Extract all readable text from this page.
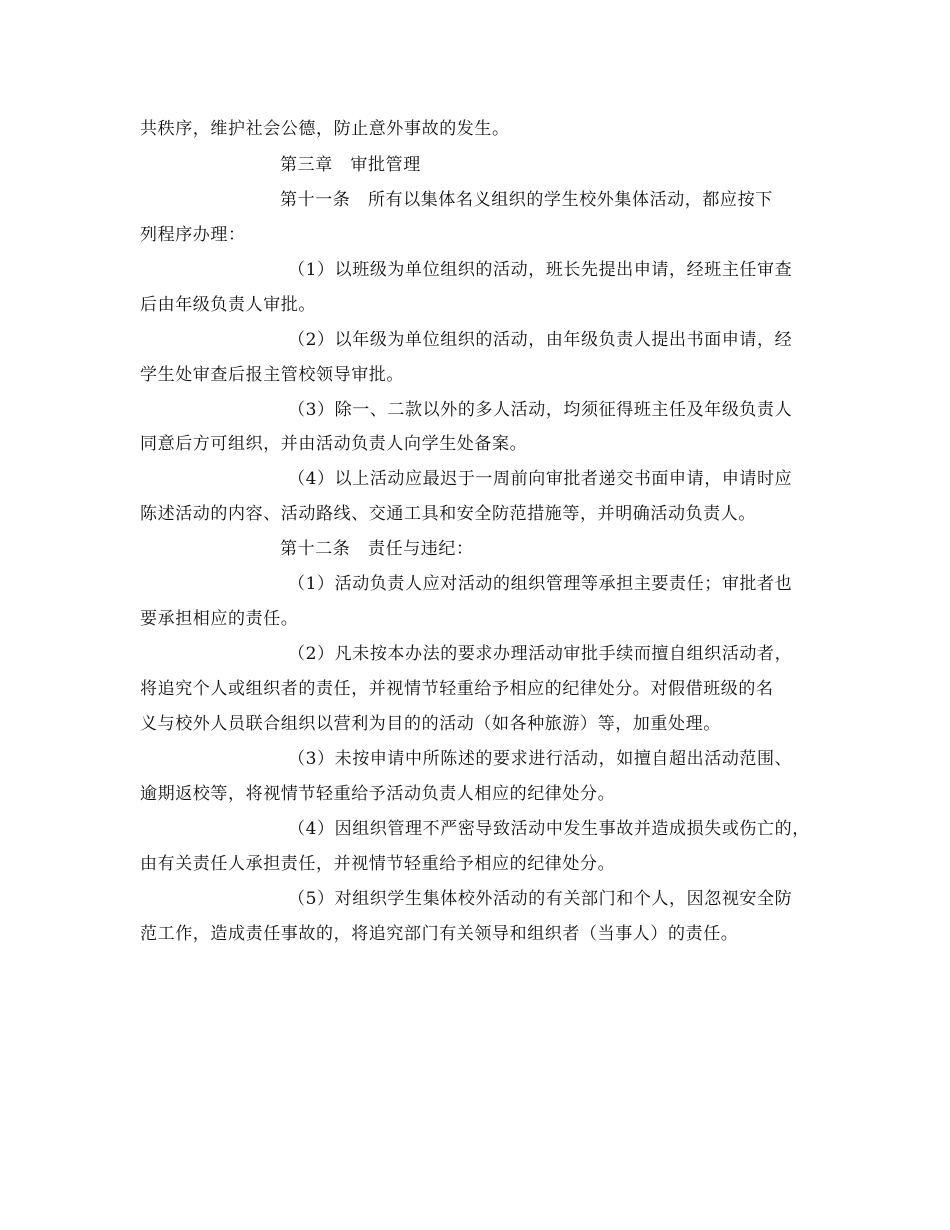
共秩序，维护社会公德，防止意外事故的发生。
第三章　审批管理
第十一条　所有以集体名义组织的学生校外集体活动，都应按下
列程序办理：
（1）以班级为单位组织的活动，班长先提出申请，经班主任审查
后由年级负责人审批。
（2）以年级为单位组织的活动，由年级负责人提出书面申请，经
学生处审查后报主管校领导审批。
（3）除一、二款以外的多人活动，均须征得班主任及年级负责人
同意后方可组织，并由活动负责人向学生处备案。
（4）以上活动应最迟于一周前向审批者递交书面申请，申请时应
陈述活动的内容、活动路线、交通工具和安全防范措施等，并明确活动负责人。
第十二条　责任与违纪：
（1）活动负责人应对活动的组织管理等承担主要责任；审批者也
要承担相应的责任。
（2）凡未按本办法的要求办理活动审批手续而擅自组织活动者，
将追究个人或组织者的责任，并视情节轻重给予相应的纪律处分。对假借班级的名
义与校外人员联合组织以营利为目的的活动（如各种旅游）等，加重处理。
（3）未按申请中所陈述的要求进行活动，如擅自超出活动范围、
逾期返校等，将视情节轻重给予活动负责人相应的纪律处分。
（4）因组织管理不严密导致活动中发生事故并造成损失或伤亡的，
由有关责任人承担责任，并视情节轻重给予相应的纪律处分。
（5）对组织学生集体校外活动的有关部门和个人，因忽视安全防
范工作，造成责任事故的，将追究部门有关领导和组织者（当事人）的责任。
